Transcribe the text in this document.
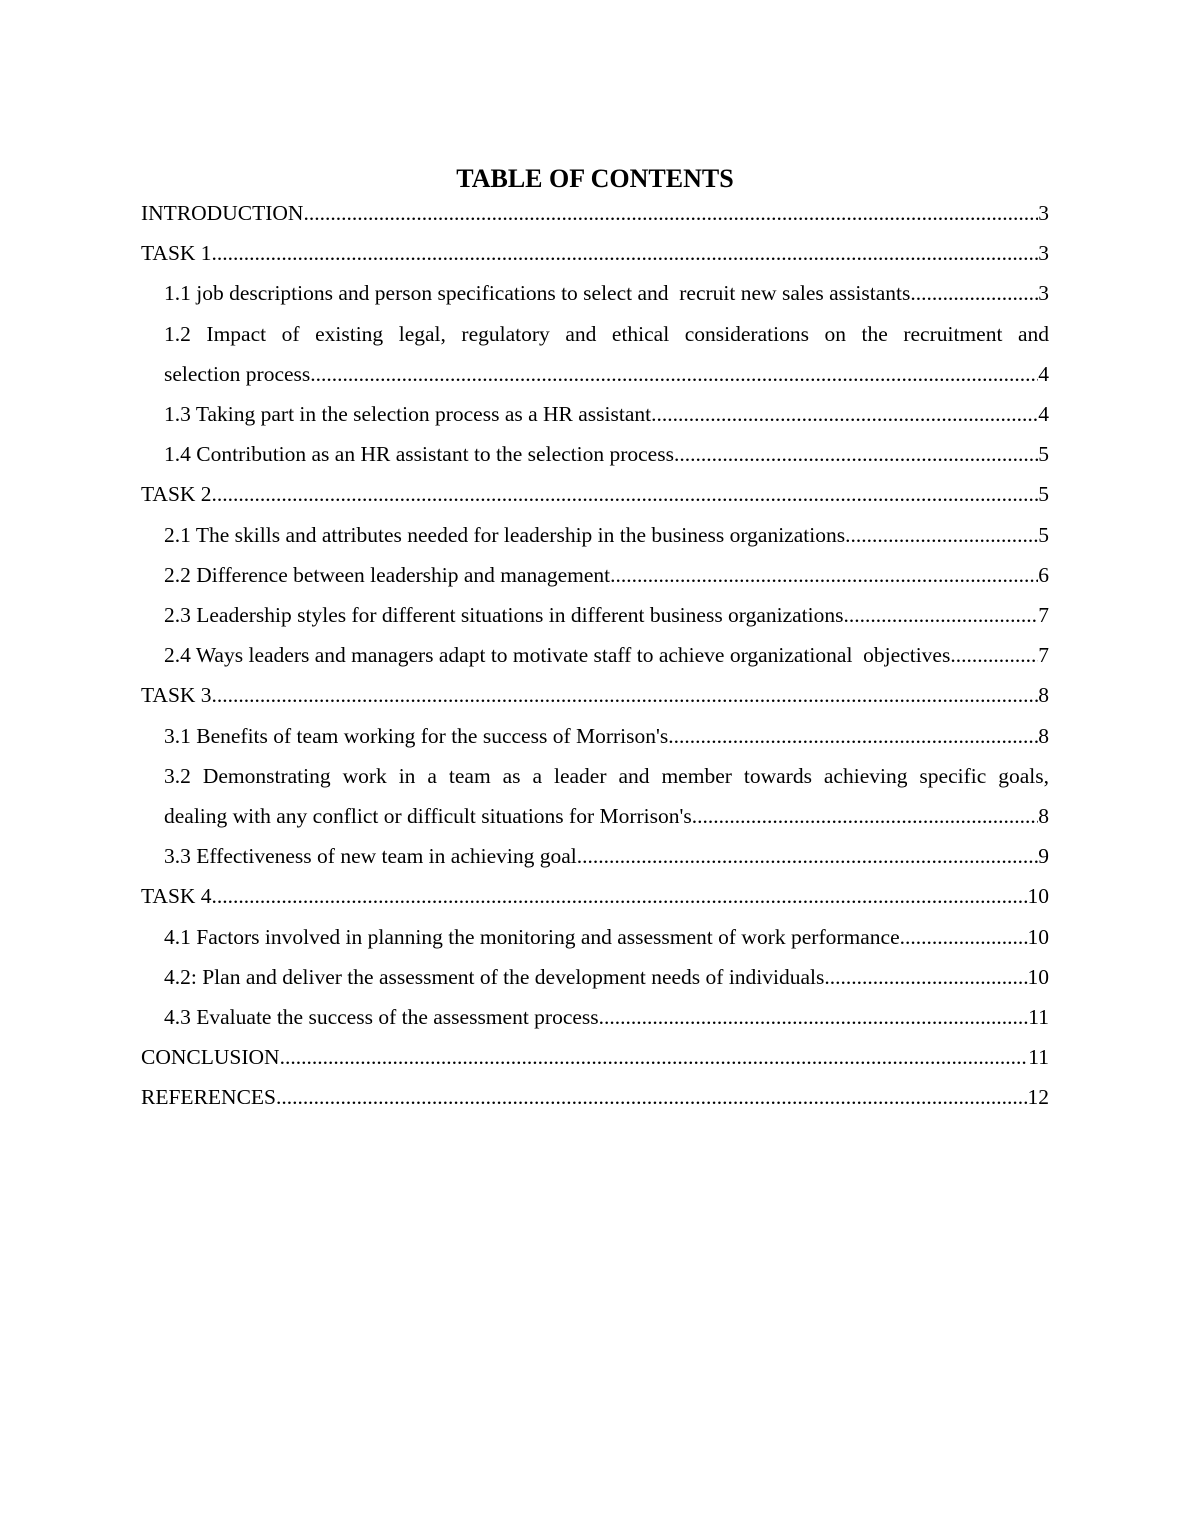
TABLE OF CONTENTS
INTRODUCTION .....	3
TASK 1 .....	3
1.1 job descriptions and person specifications to select and  recruit new sales assistants .....	3
1.2 Impact of existing legal, regulatory and ethical considerations on the recruitment and
selection process .....	4
1.3 Taking part in the selection process as a HR assistant .....	4
1.4 Contribution as an HR assistant to the selection process .....	5
TASK 2 .....	5
2.1 The skills and attributes needed for leadership in the business organizations .....	5
2.2 Difference between leadership and management .....	6
2.3 Leadership styles for different situations in different business organizations .....	7
2.4 Ways leaders and managers adapt to motivate staff to achieve organizational  objectives .....	7
TASK 3 .....	8
3.1 Benefits of team working for the success of Morrison's .....	8
3.2 Demonstrating work in a team as a leader and member towards achieving specific goals,
dealing with any conflict or difficult situations for Morrison's .....	8
3.3 Effectiveness of new team in achieving goal .....	9
TASK 4 .....	10
4.1 Factors involved in planning the monitoring and assessment of work performance .....	10
4.2: Plan and deliver the assessment of the development needs of individuals .....	10
4.3 Evaluate the success of the assessment process .....	11
CONCLUSION .....	11
REFERENCES .....	12
